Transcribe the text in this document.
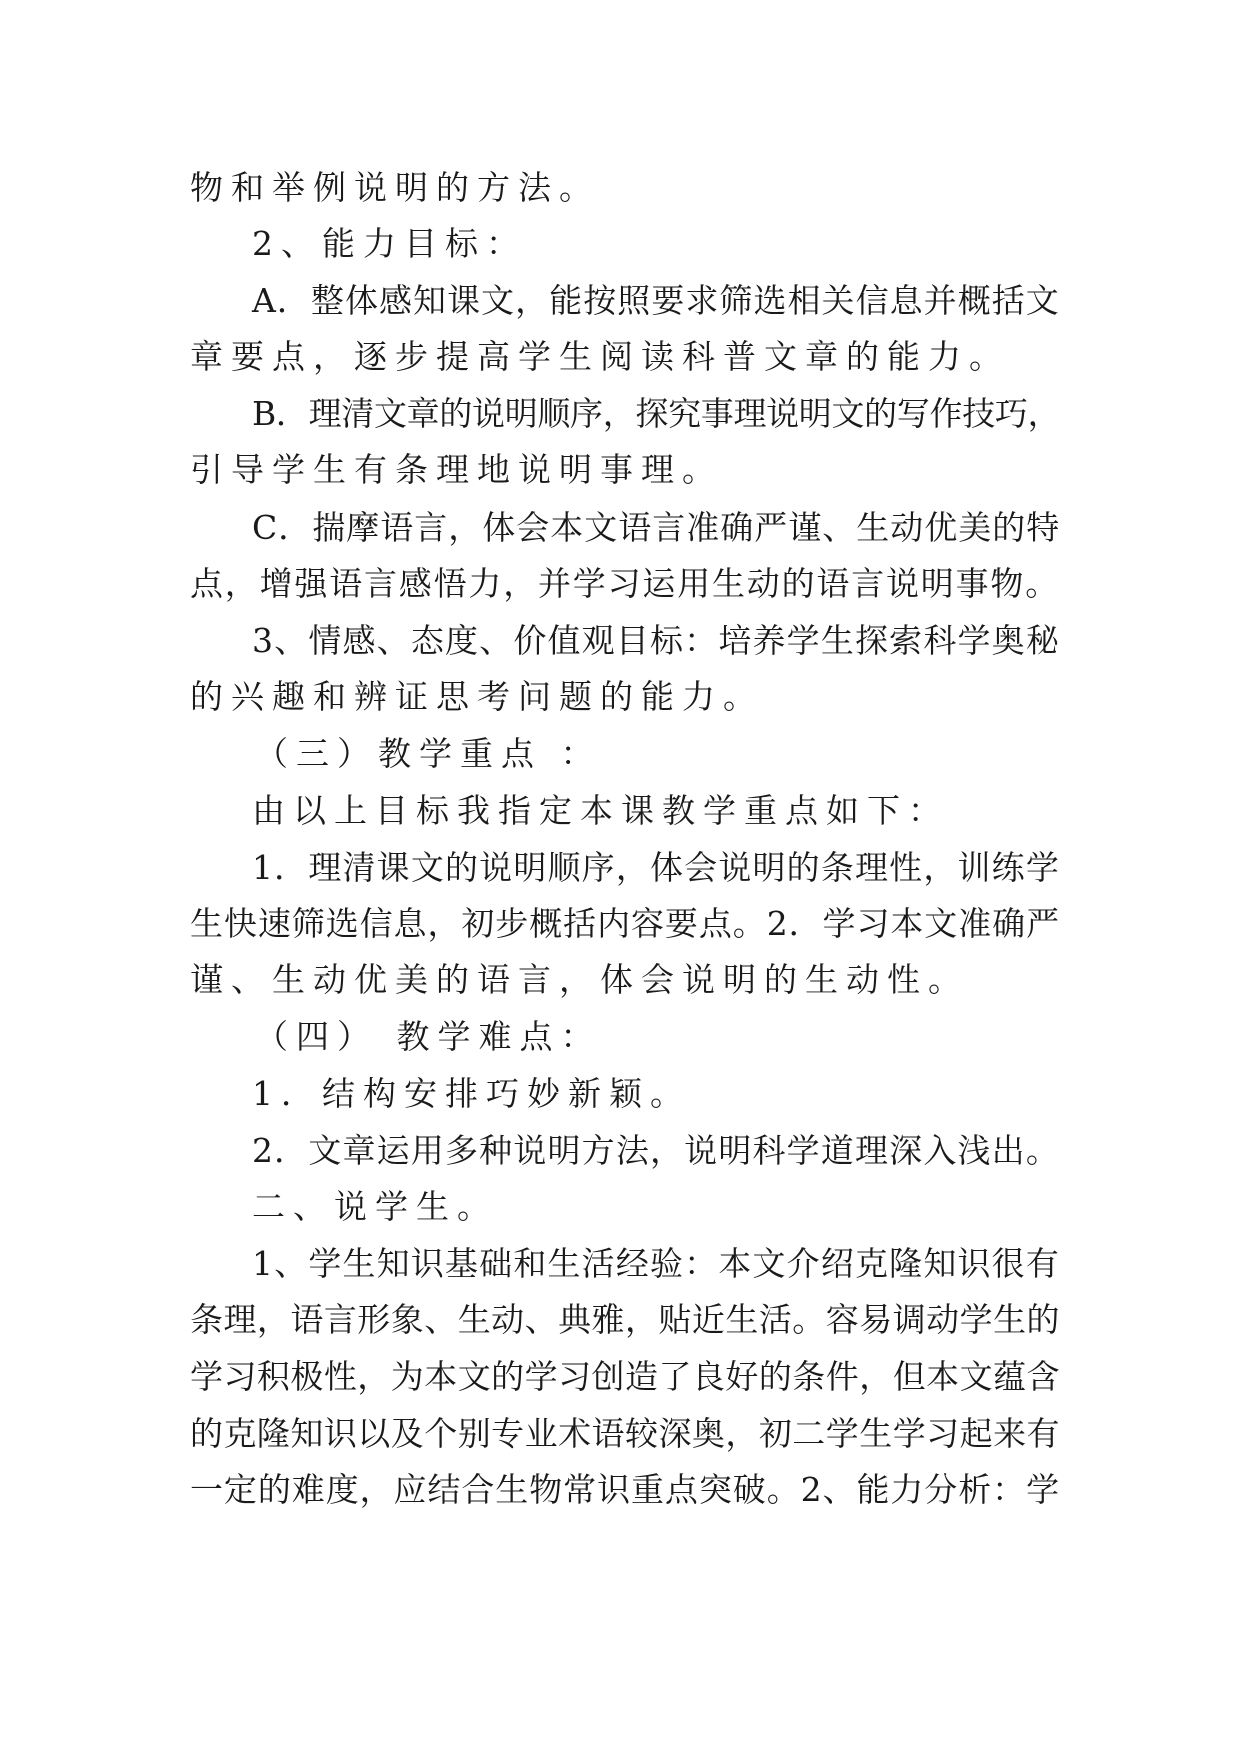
物和举例说明的方法。
2、能力目标：
A．整体感知课文，能按照要求筛选相关信息并概括文
章要点，逐步提高学生阅读科普文章的能力。
B．理清文章的说明顺序，探究事理说明文的写作技巧，
引导学生有条理地说明事理。
C．揣摩语言，体会本文语言准确严谨、生动优美的特
点，增强语言感悟力，并学习运用生动的语言说明事物。
3、情感、态度、价值观目标：培养学生探索科学奥秘
的兴趣和辨证思考问题的能力。
（三）教学重点 ：
由以上目标我指定本课教学重点如下：
1．理清课文的说明顺序，体会说明的条理性，训练学
生快速筛选信息，初步概括内容要点。2．学习本文准确严
谨、生动优美的语言，体会说明的生动性。
（四） 教学难点：
1．结构安排巧妙新颖。
2．文章运用多种说明方法，说明科学道理深入浅出。
二、说学生。
1、学生知识基础和生活经验：本文介绍克隆知识很有
条理，语言形象、生动、典雅，贴近生活。容易调动学生的
学习积极性，为本文的学习创造了良好的条件，但本文蕴含
的克隆知识以及个别专业术语较深奥，初二学生学习起来有
一定的难度，应结合生物常识重点突破。2、能力分析：学
